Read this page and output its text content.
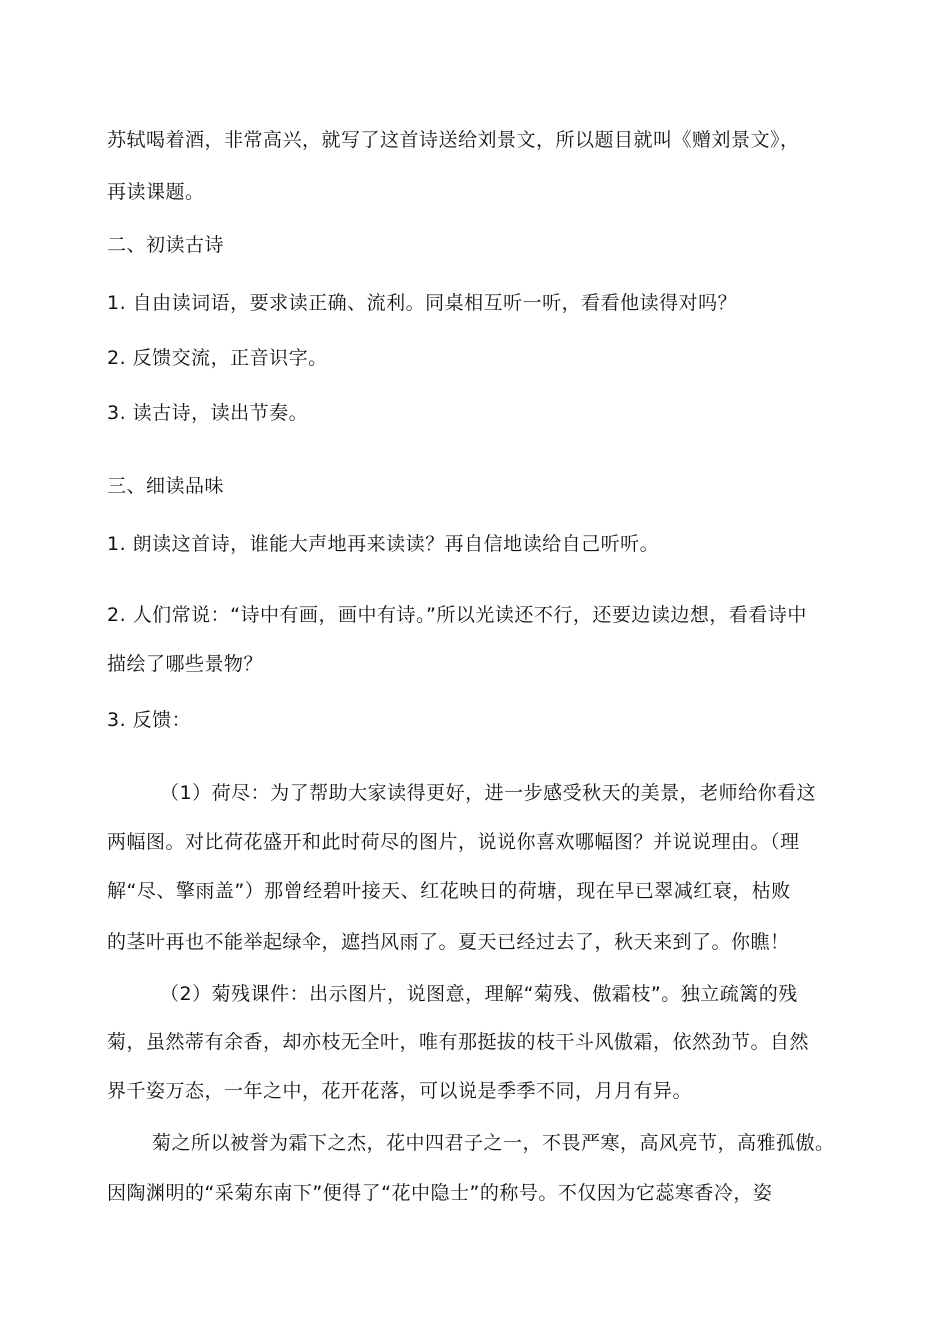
苏轼喝着酒，非常高兴，就写了这首诗送给刘景文，所以题目就叫《赠刘景文》，
再读课题。
二、初读古诗
1. 自由读词语，要求读正确、流利。同桌相互听一听，看看他读得对吗？
2. 反馈交流，正音识字。
3. 读古诗，读出节奏。
三、细读品味
1. 朗读这首诗，谁能大声地再来读读？再自信地读给自己听听。
2. 人们常说：“诗中有画，画中有诗。”所以光读还不行，还要边读边想，看看诗中
描绘了哪些景物？
3. 反馈：
（1）荷尽：为了帮助大家读得更好，进一步感受秋天的美景，老师给你看这
两幅图。对比荷花盛开和此时荷尽的图片，说说你喜欢哪幅图？并说说理由。（理
解“尽、擎雨盖”）那曾经碧叶接天、红花映日的荷塘，现在早已翠减红衰，枯败
的茎叶再也不能举起绿伞，遮挡风雨了。夏天已经过去了，秋天来到了。你瞧！
（2）菊残课件：出示图片，说图意，理解“菊残、傲霜枝”。独立疏篱的残
菊，虽然蒂有余香，却亦枝无全叶，唯有那挺拔的枝干斗风傲霜，依然劲节。自然
界千姿万态，一年之中，花开花落，可以说是季季不同，月月有异。
菊之所以被誉为霜下之杰，花中四君子之一，不畏严寒，高风亮节，高雅孤傲。
因陶渊明的“采菊东南下”便得了“花中隐士”的称号。不仅因为它蕊寒香冷，姿
